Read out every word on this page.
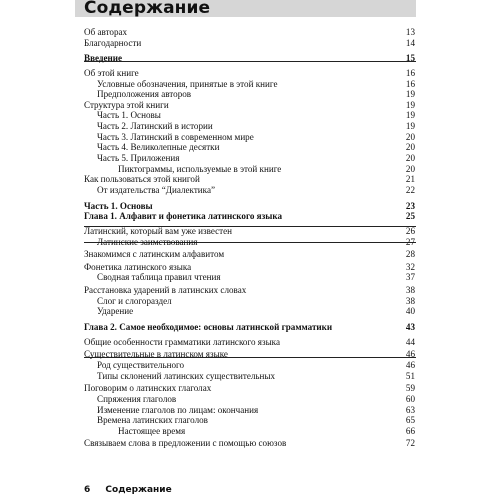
Содержание
Об авторах	13
Благодарности	14
Введение	15
Об этой книге	16
Условные обозначения, принятые в этой книге	16
Предположения авторов	19
Структура этой книги	19
Часть 1. Основы	19
Часть 2. Латинский в истории	19
Часть 3. Латинский в современном мире	20
Часть 4. Великолепные десятки	20
Часть 5. Приложения	20
Пиктограммы, используемые в этой книге	20
Как пользоваться этой книгой	21
От издательства “Диалектика”	22
Часть 1. Основы	23
Глава 1. Алфавит и фонетика латинского языка	25
Латинский, который вам уже известен	26
Латинские заимствования	27
Знакомимся с латинским алфавитом	28
Фонетика латинского языка	32
Сводная таблица правил чтения	37
Расстановка ударений в латинских словах	38
Слог и слогораздел	38
Ударение	40
Глава 2. Самое необходимое: основы латинской грамматики	43
Общие особенности грамматики латинского языка	44
Существительные в латинском языке	46
Род существительного	46
Типы склонений латинских существительных	51
Поговорим о латинских глаголах	59
Спряжения глаголов	60
Изменение глаголов по лицам: окончания	63
Времена латинских глаголов	65
Настоящее время	66
Связываем слова в предложении с помощью союзов	72
6 Содержание
